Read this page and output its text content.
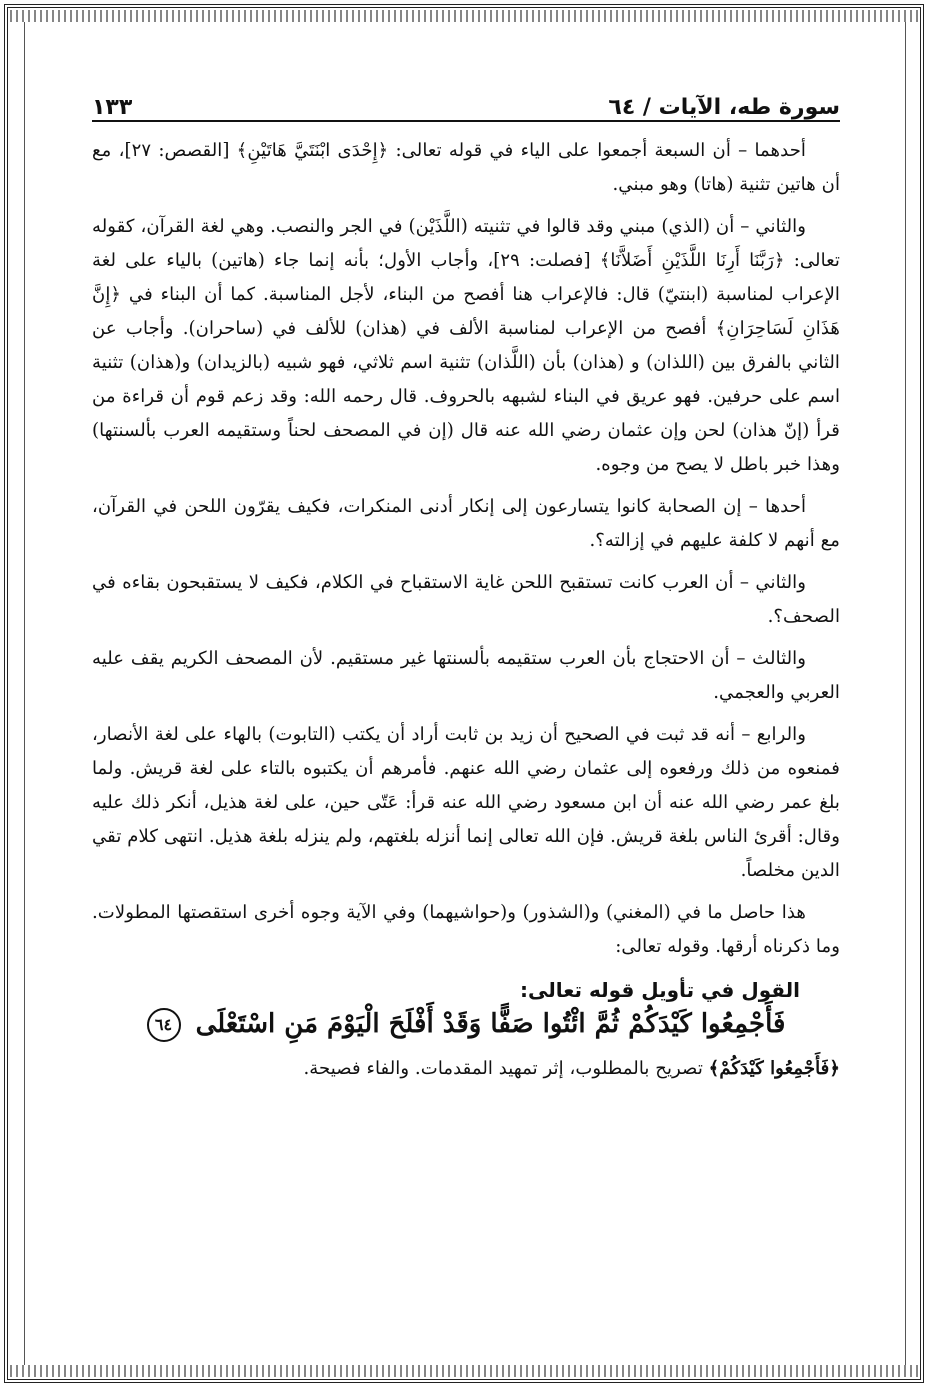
سورة طه، الآيات / ٦٤
١٣٣

أحدهما – أن السبعة أجمعوا على الياء في قوله تعالى: ﴿إِحْدَى ابْنَتَيَّ هَاتَيْنِ﴾ [القصص: ٢٧]، مع أن هاتين تثنية (هاتا) وهو مبني.

والثاني – أن (الذي) مبني وقد قالوا في تثنيته (اللَّذَيْن) في الجر والنصب. وهي لغة القرآن، كقوله تعالى: ﴿رَبَّنَا أَرِنَا اللَّذَيْنِ أَضَلاَّنَا﴾ [فصلت: ٢٩]، وأجاب الأول؛ بأنه إنما جاء (هاتين) بالياء على لغة الإعراب لمناسبة (ابنتيّ) قال: فالإعراب هنا أفصح من البناء، لأجل المناسبة. كما أن البناء في ﴿إِنَّ هَذَانِ لَسَاحِرَانِ﴾ أفصح من الإعراب لمناسبة الألف في (هذان) للألف في (ساحران). وأجاب عن الثاني بالفرق بين (اللذان) و (هذان) بأن (اللَّذان) تثنية اسم ثلاثي، فهو شبيه (بالزيدان) و(هذان) تثنية اسم على حرفين. فهو عريق في البناء لشبهه بالحروف. قال رحمه الله: وقد زعم قوم أن قراءة من قرأ (إنّ هذان) لحن وإن عثمان رضي الله عنه قال (إن في المصحف لحناً وستقيمه العرب بألسنتها) وهذا خبر باطل لا يصح من وجوه.

أحدها – إن الصحابة كانوا يتسارعون إلى إنكار أدنى المنكرات، فكيف يقرّون اللحن في القرآن، مع أنهم لا كلفة عليهم في إزالته؟.

والثاني – أن العرب كانت تستقبح اللحن غاية الاستقباح في الكلام، فكيف لا يستقبحون بقاءه في الصحف؟.

والثالث – أن الاحتجاج بأن العرب ستقيمه بألسنتها غير مستقيم. لأن المصحف الكريم يقف عليه العربي والعجمي.

والرابع – أنه قد ثبت في الصحيح أن زيد بن ثابت أراد أن يكتب (التابوت) بالهاء على لغة الأنصار، فمنعوه من ذلك ورفعوه إلى عثمان رضي الله عنهم. فأمرهم أن يكتبوه بالتاء على لغة قريش. ولما بلغ عمر رضي الله عنه أن ابن مسعود رضي الله عنه قرأ: عَتّى حين، على لغة هذيل، أنكر ذلك عليه وقال: أقرئ الناس بلغة قريش. فإن الله تعالى إنما أنزله بلغتهم، ولم ينزله بلغة هذيل. انتهى كلام تقي الدين مخلصاً.

هذا حاصل ما في (المغني) و(الشذور) و(حواشيهما) وفي الآية وجوه أخرى استقصتها المطولات. وما ذكرناه أرقها. وقوله تعالى:

القول في تأويل قوله تعالى:
فَأَجْمِعُوا كَيْدَكُمْ ثُمَّ ائْتُوا صَفًّا وَقَدْ أَفْلَحَ الْيَوْمَ مَنِ اسْتَعْلَى ٦٤

﴿فَأَجْمِعُوا كَيْدَكُمْ﴾ تصريح بالمطلوب، إثر تمهيد المقدمات. والفاء فصيحة.
